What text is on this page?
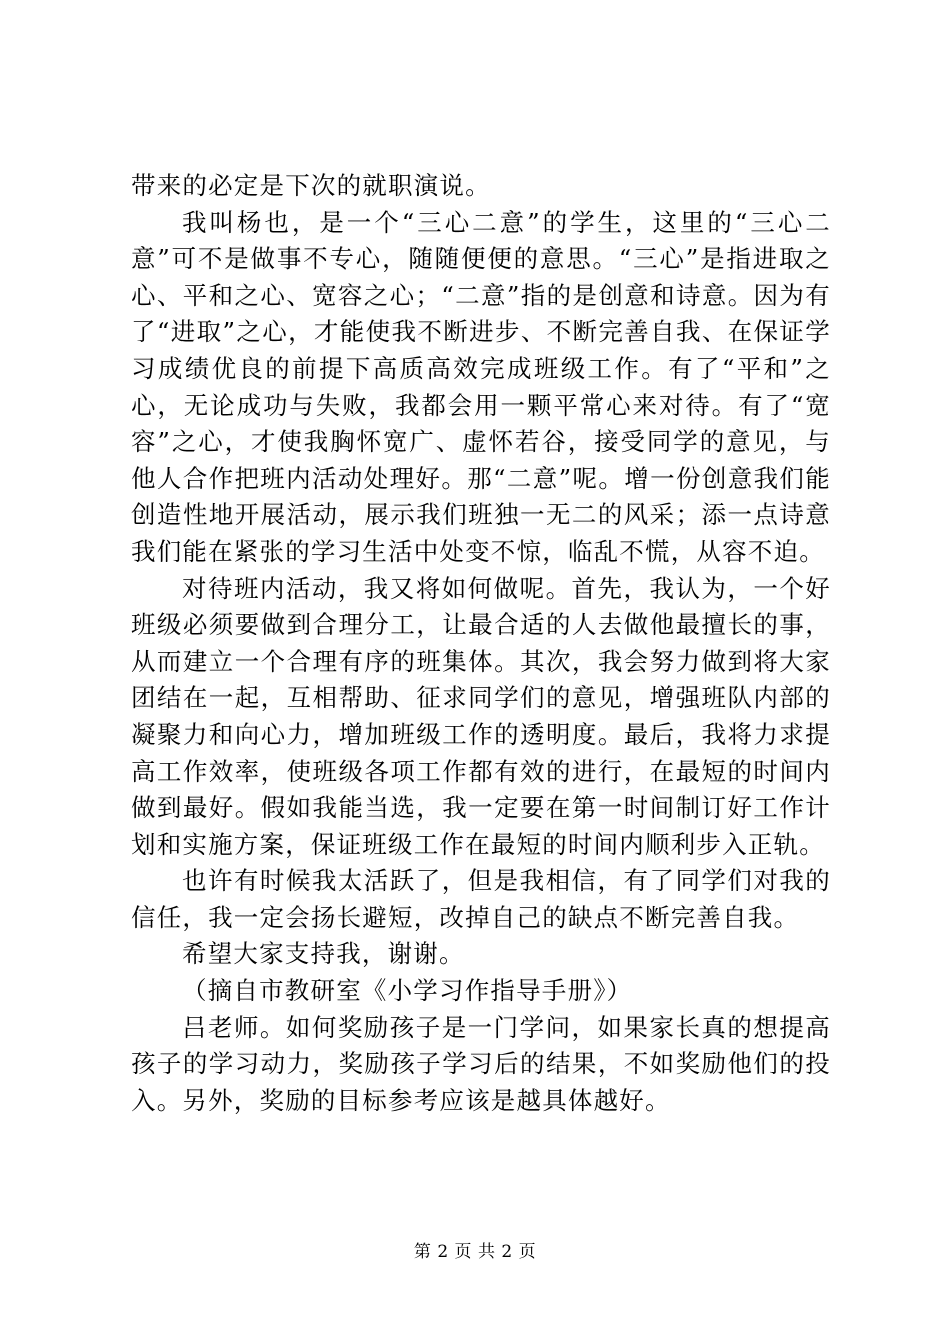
带来的必定是下次的就职演说。

我叫杨也，是一个“三心二意”的学生，这里的“三心二意”可不是做事不专心，随随便便的意思。“三心”是指进取之心、平和之心、宽容之心；“二意”指的是创意和诗意。因为有了“进取”之心，才能使我不断进步、不断完善自我、在保证学习成绩优良的前提下高质高效完成班级工作。有了“平和”之心，无论成功与失败，我都会用一颗平常心来对待。有了“宽容”之心，才使我胸怀宽广、虚怀若谷，接受同学的意见，与他人合作把班内活动处理好。那“二意”呢。增一份创意我们能创造性地开展活动，展示我们班独一无二的风采；添一点诗意我们能在紧张的学习生活中处变不惊，临乱不慌，从容不迫。

对待班内活动，我又将如何做呢。首先，我认为，一个好班级必须要做到合理分工，让最合适的人去做他最擅长的事，从而建立一个合理有序的班集体。其次，我会努力做到将大家团结在一起，互相帮助、征求同学们的意见，增强班队内部的凝聚力和向心力，增加班级工作的透明度。最后，我将力求提高工作效率，使班级各项工作都有效的进行，在最短的时间内做到最好。假如我能当选，我一定要在第一时间制订好工作计划和实施方案，保证班级工作在最短的时间内顺利步入正轨。

也许有时候我太活跃了，但是我相信，有了同学们对我的信任，我一定会扬长避短，改掉自己的缺点不断完善自我。

希望大家支持我，谢谢。

（摘自市教研室《小学习作指导手册》）

吕老师。如何奖励孩子是一门学问，如果家长真的想提高孩子的学习动力，奖励孩子学习后的结果，不如奖励他们的投入。另外，奖励的目标参考应该是越具体越好。

第 2 页 共 2 页
